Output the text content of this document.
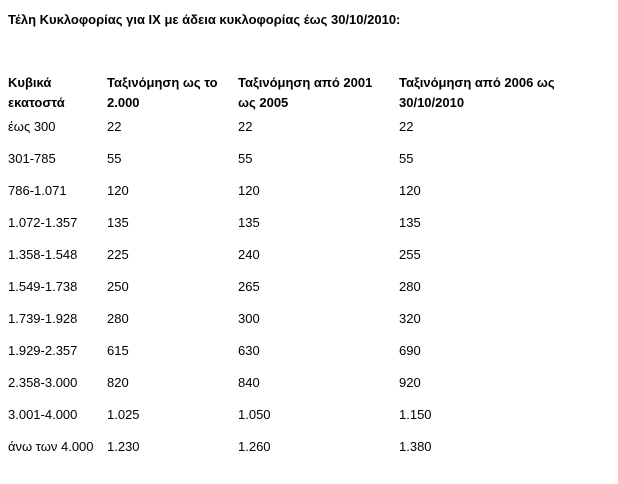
Τέλη Κυκλοφορίας για ΙΧ με άδεια κυκλοφορίας έως 30/10/2010:
Κυβικά εκατοστά	Ταξινόμηση ως το 2.000	Ταξινόμηση από 2001 ως 2005	Ταξινόμηση από 2006 ως 30/10/2010
έως 300	22	22	22
301-785	55	55	55
786-1.071	120	120	120
1.072-1.357	135	135	135
1.358-1.548	225	240	255
1.549-1.738	250	265	280
1.739-1.928	280	300	320
1.929-2.357	615	630	690
2.358-3.000	820	840	920
3.001-4.000	1.025	1.050	1.150
άνω των 4.000	1.230	1.260	1.380
